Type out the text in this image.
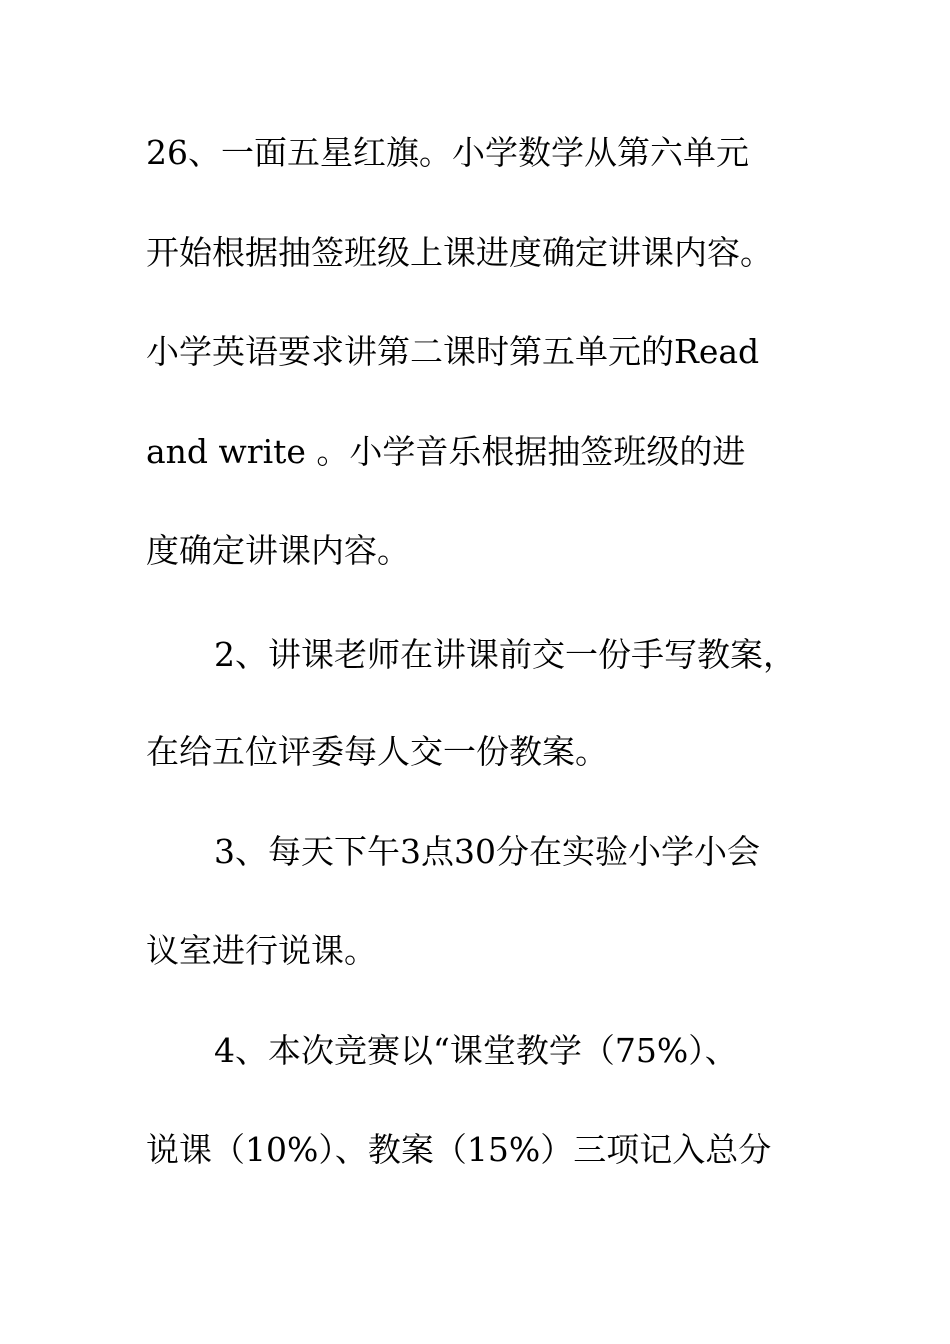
26、一面五星红旗。小学数学从第六单元
开始根据抽签班级上课进度确定讲课内容。
小学英语要求讲第二课时第五单元的Read
and write 。小学音乐根据抽签班级的进
度确定讲课内容。
2、讲课老师在讲课前交一份手写教案，
在给五位评委每人交一份教案。
3、每天下午3点30分在实验小学小会
议室进行说课。
4、本次竞赛以“课堂教学（75%）、
说课（10%）、教案（15%）三项记入总分
